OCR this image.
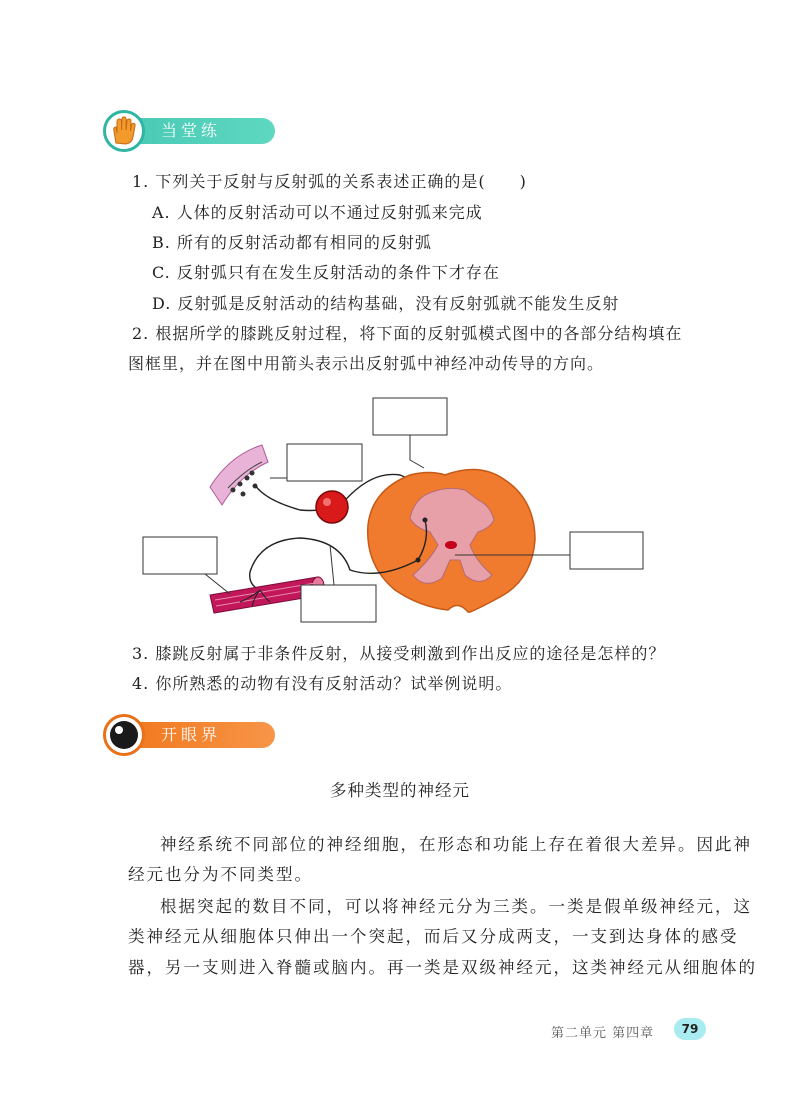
当堂练
1. 下列关于反射与反射弧的关系表述正确的是(　　)
A. 人体的反射活动可以不通过反射弧来完成
B. 所有的反射活动都有相同的反射弧
C. 反射弧只有在发生反射活动的条件下才存在
D. 反射弧是反射活动的结构基础，没有反射弧就不能发生反射
2. 根据所学的膝跳反射过程，将下面的反射弧模式图中的各部分结构填在
图框里，并在图中用箭头表示出反射弧中神经冲动传导的方向。
3. 膝跳反射属于非条件反射，从接受刺激到作出反应的途径是怎样的？
4. 你所熟悉的动物有没有反射活动？试举例说明。
开眼界
多种类型的神经元
神经系统不同部位的神经细胞，在形态和功能上存在着很大差异。因此神
经元也分为不同类型。
根据突起的数目不同，可以将神经元分为三类。一类是假单级神经元，这
类神经元从细胞体只伸出一个突起，而后又分成两支，一支到达身体的感受
器，另一支则进入脊髓或脑内。再一类是双级神经元，这类神经元从细胞体的
第二单元 第四章	79
